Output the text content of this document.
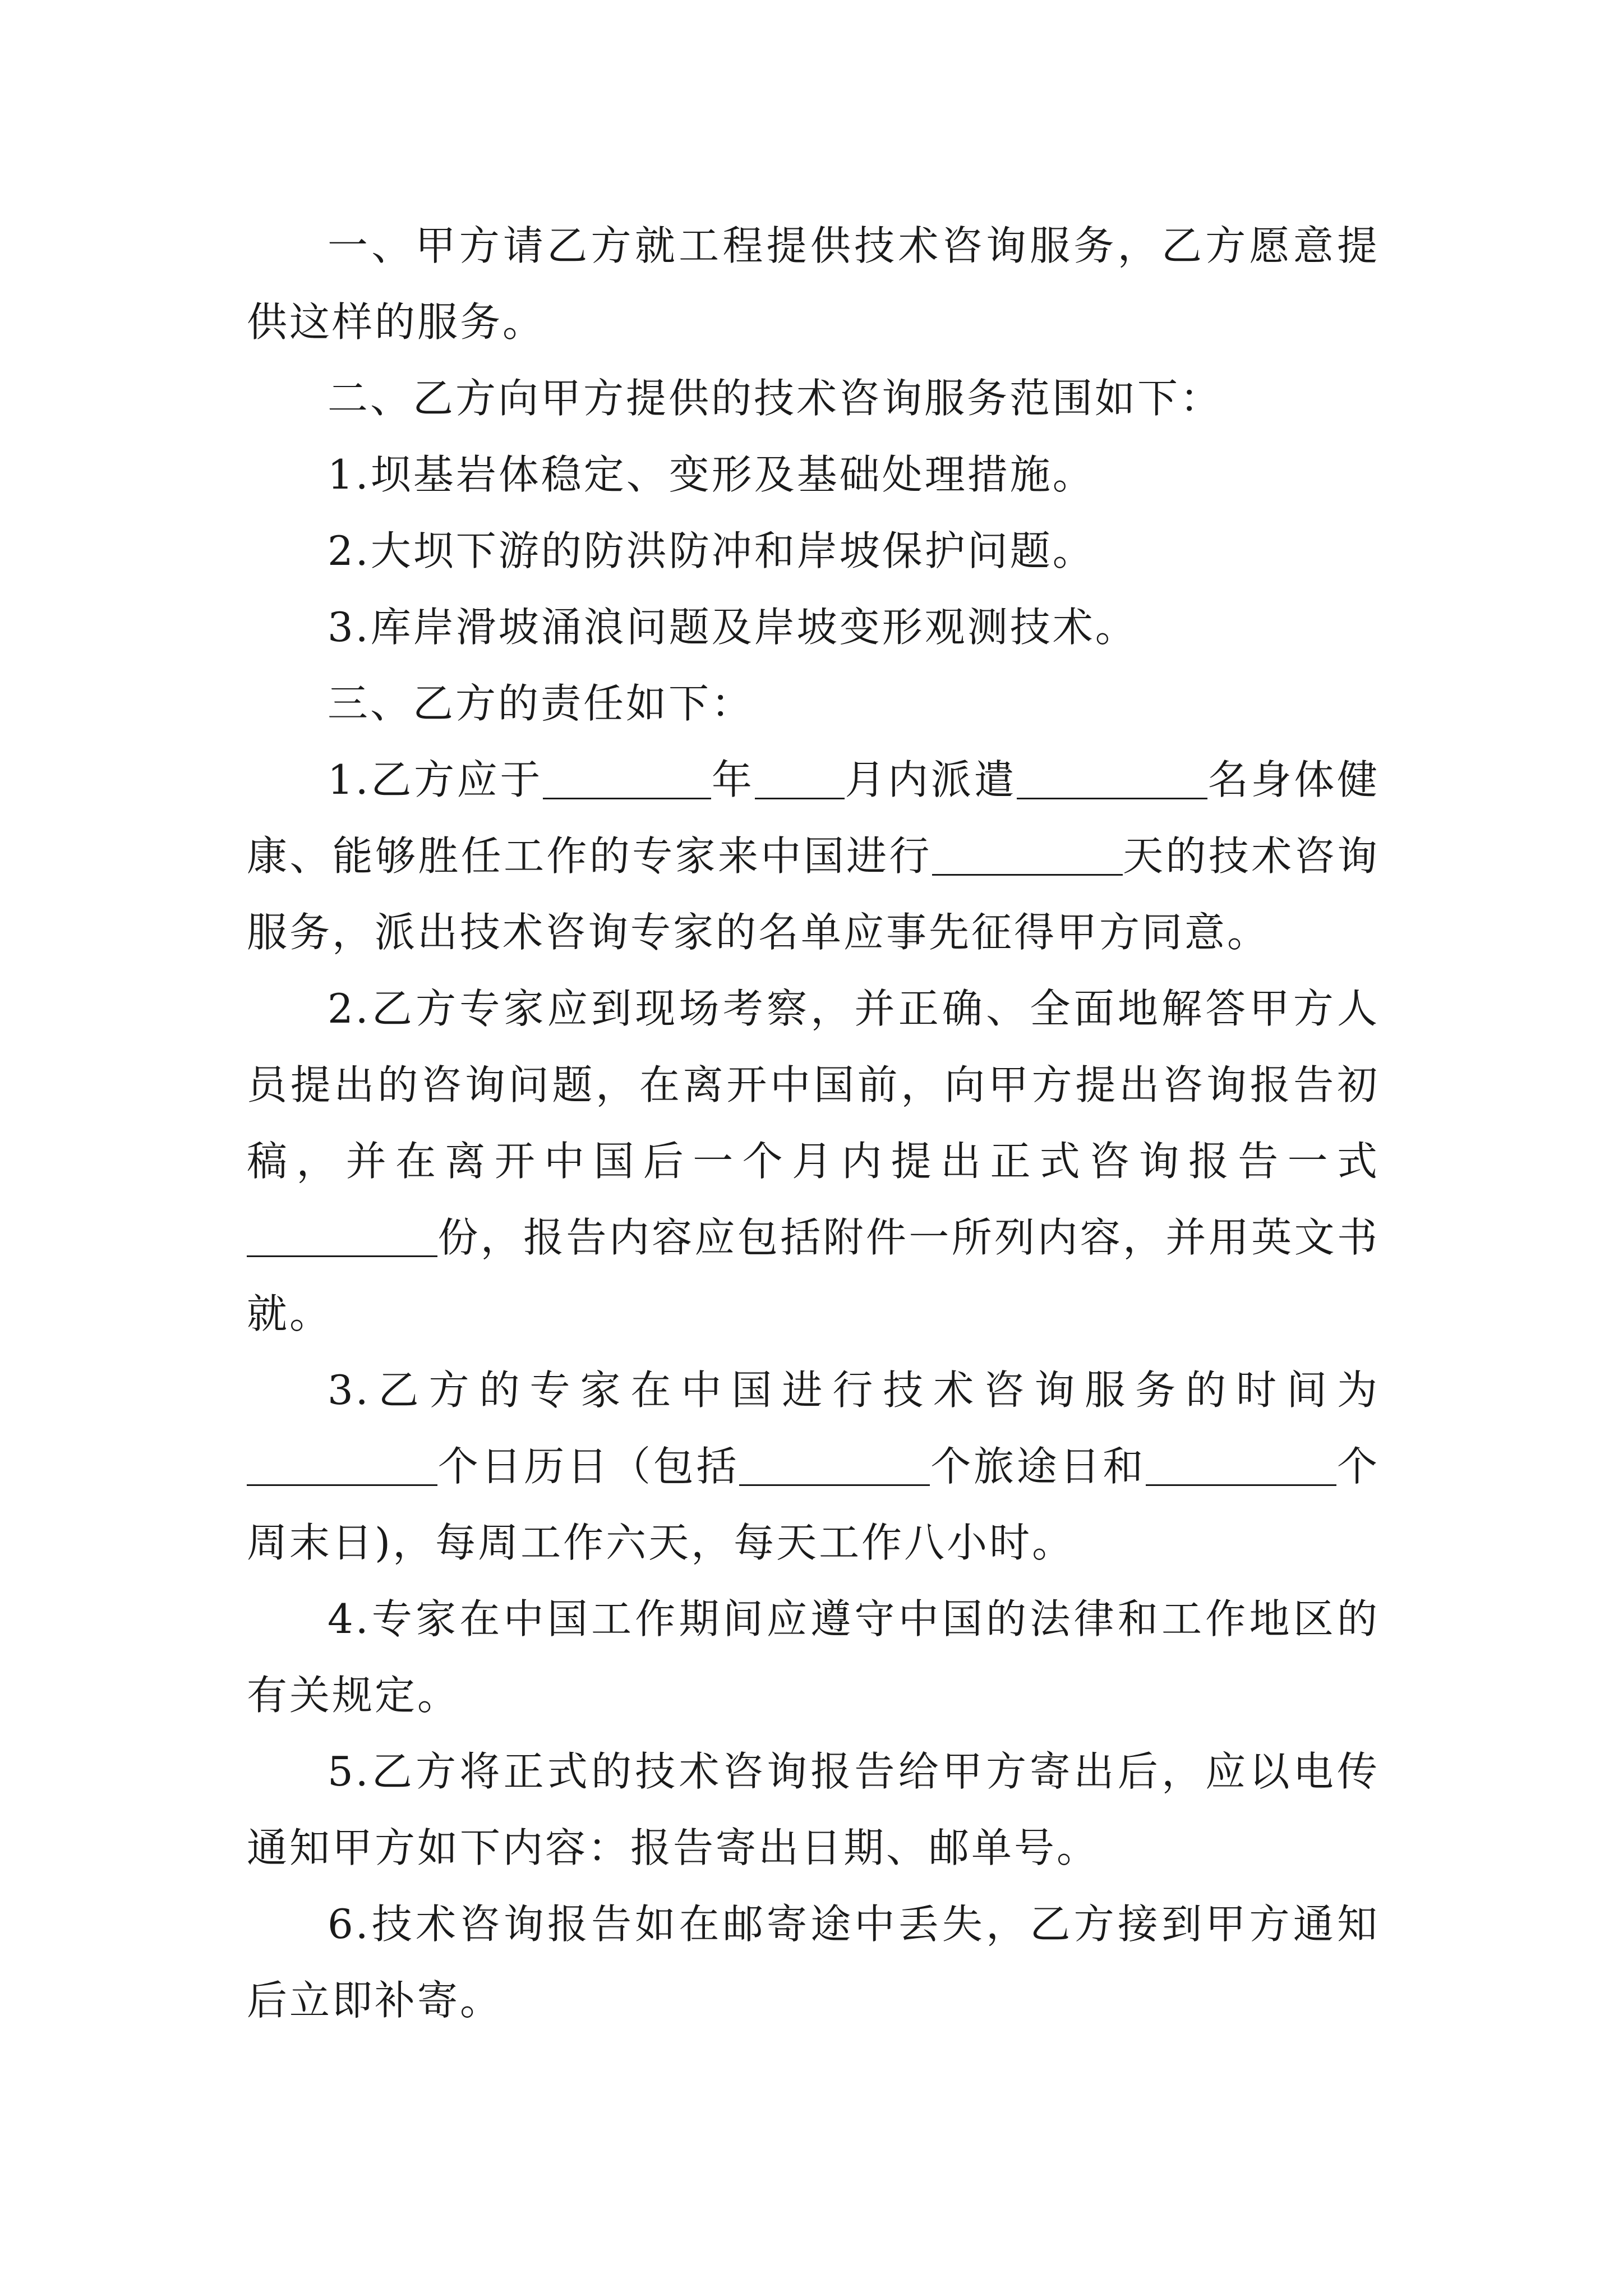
一、甲方请乙方就工程提供技术咨询服务，乙方愿意提供这样的服务。

二、乙方向甲方提供的技术咨询服务范围如下：

1.坝基岩体稳定、变形及基础处理措施。

2.大坝下游的防洪防冲和岸坡保护问题。

3.库岸滑坡涌浪问题及岸坡变形观测技术。

三、乙方的责任如下：

1.乙方应于	年 月内派遣	名身体健康、能够胜任工作的专家来中国进行	天的技术咨询服务，派出技术咨询专家的名单应事先征得甲方同意。

2.乙方专家应到现场考察，并正确、全面地解答甲方人员提出的咨询问题，在离开中国前，向甲方提出咨询报告初稿，并在离开中国后一个月内提出正式咨询报告一式份，报告内容应包括附件一所列内容，并用英文书就。

3.乙方的专家在中国进行技术咨询服务的时间为个日历日（包括	个旅途日和	个周末日)，每周工作六天，每天工作八小时。

4.专家在中国工作期间应遵守中国的法律和工作地区的有关规定。

5.乙方将正式的技术咨询报告给甲方寄出后，应以电传通知甲方如下内容：报告寄出日期、邮单号。

6.技术咨询报告如在邮寄途中丢失，乙方接到甲方通知后立即补寄。
